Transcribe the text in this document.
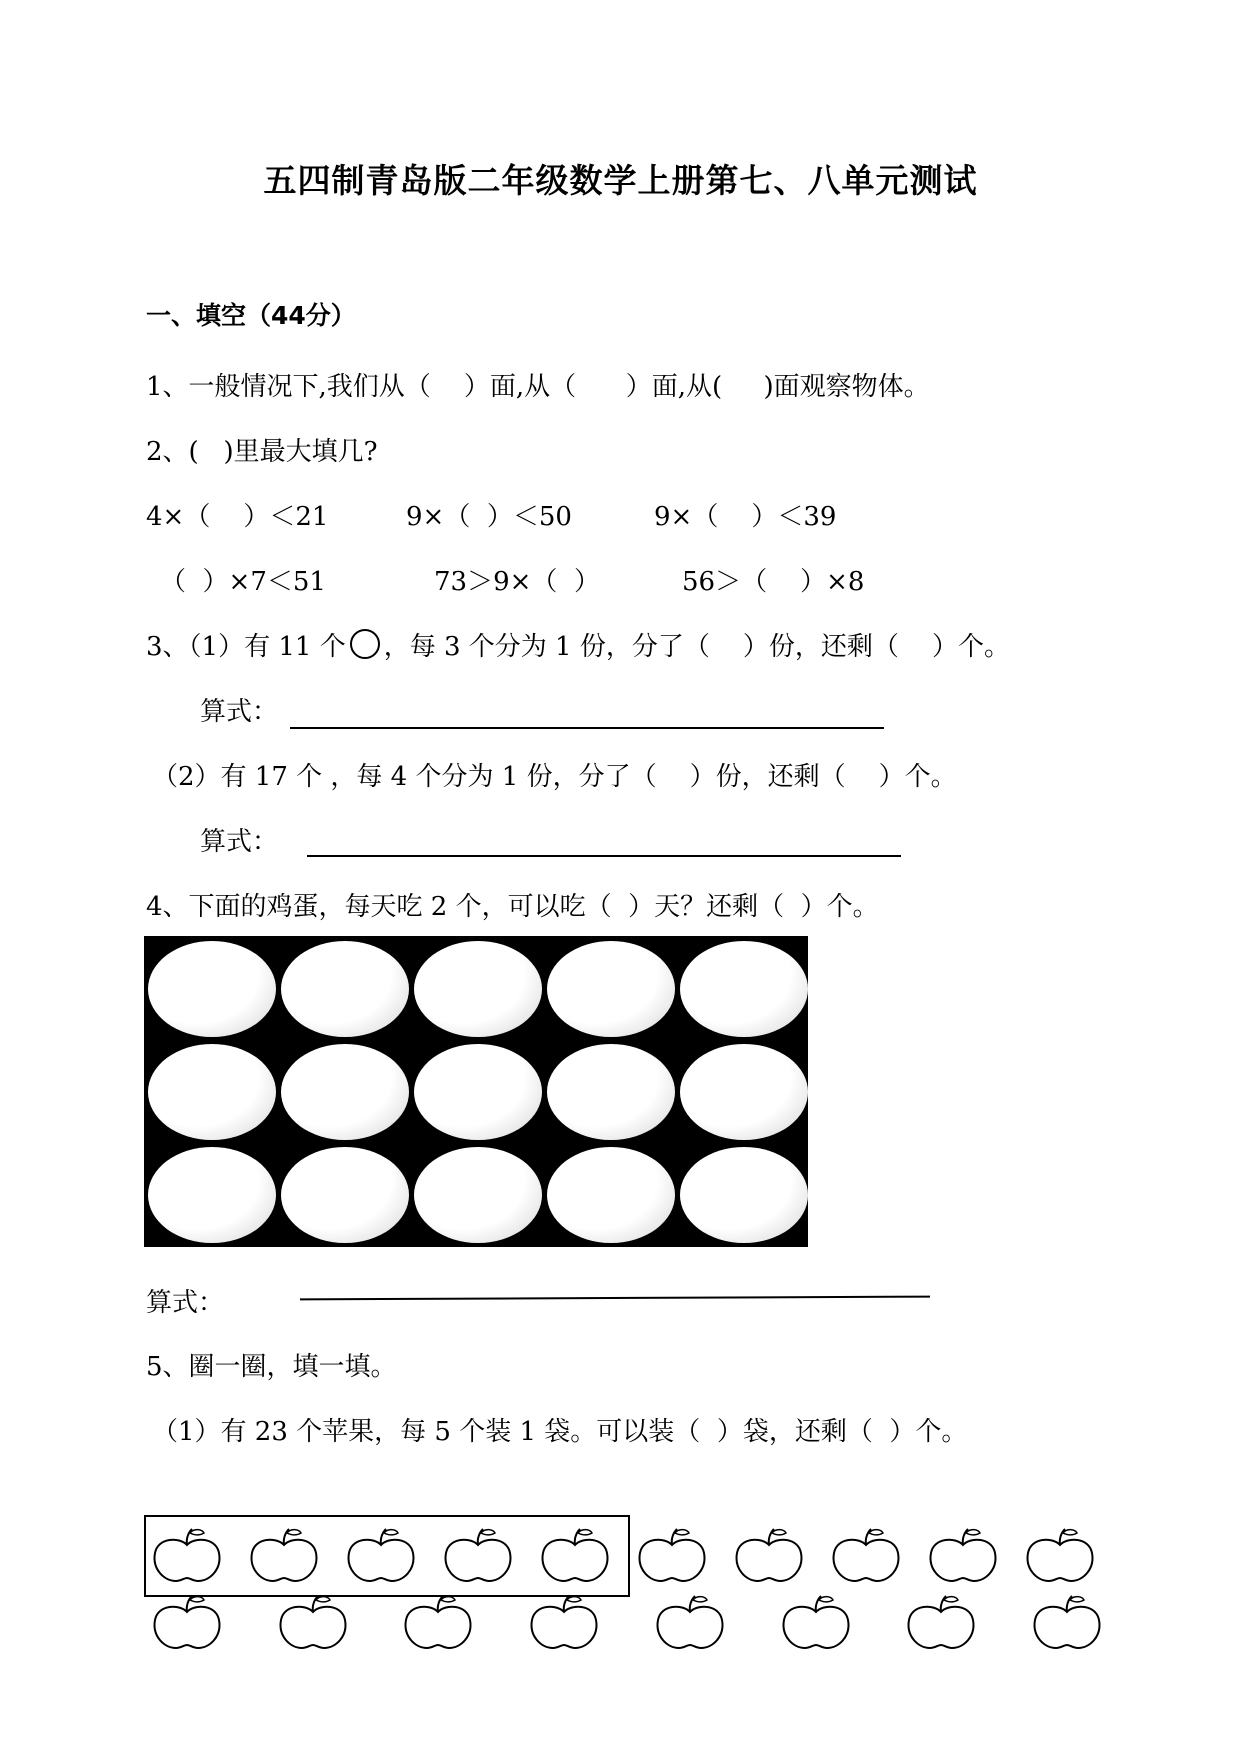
五四制青岛版二年级数学上册第七、八单元测试
一、填空（44分）
1、一般情况下,我们从（    ）面,从（      ）面,从(     )面观察物体。
2、(   )里最大填几?
4×（    ）＜21	9×（  ）＜50	9×（    ）＜39
（  ）×7＜51	73＞9×（  ）	56＞（    ）×8
3、（1）有 11 个 ，每 3 个分为 1 份，分了（    ）份，还剩（    ）个。
算式：
（2）有 17 个 ，每 4 个分为 1 份，分了（    ）份，还剩（    ）个。
算式：
4、下面的鸡蛋，每天吃 2 个，可以吃（  ）天？还剩（  ）个。
算式：
5、圈一圈，填一填。
（1）有 23 个苹果，每 5 个装 1 袋。可以装（  ）袋，还剩（  ）个。
